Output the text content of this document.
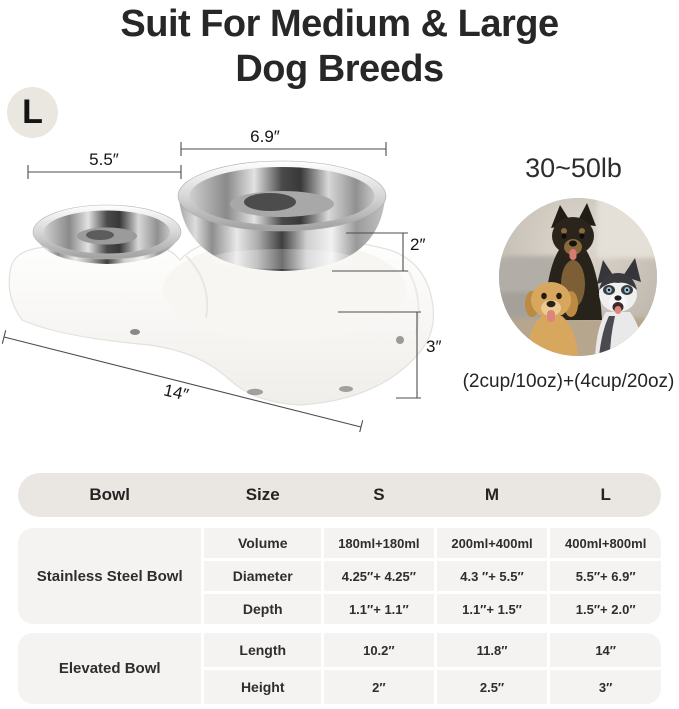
Suit For Medium & Large
Dog Breeds
L
5.5″
6.9″
2″
3″
14″
30~50lb
(2cup/10oz)+(4cup/20oz)
Bowl	Size	S	M	L
Stainless Steel Bowl
Volume	180ml+180ml	200ml+400ml	400ml+800ml
Diameter	4.25″+ 4.25″	4.3 ″+ 5.5″	5.5″+ 6.9″
Depth	1.1″+ 1.1″	1.1″+ 1.5″	1.5″+ 2.0″
Elevated Bowl
Length	10.2″	11.8″	14″
Height	2″	2.5″	3″
